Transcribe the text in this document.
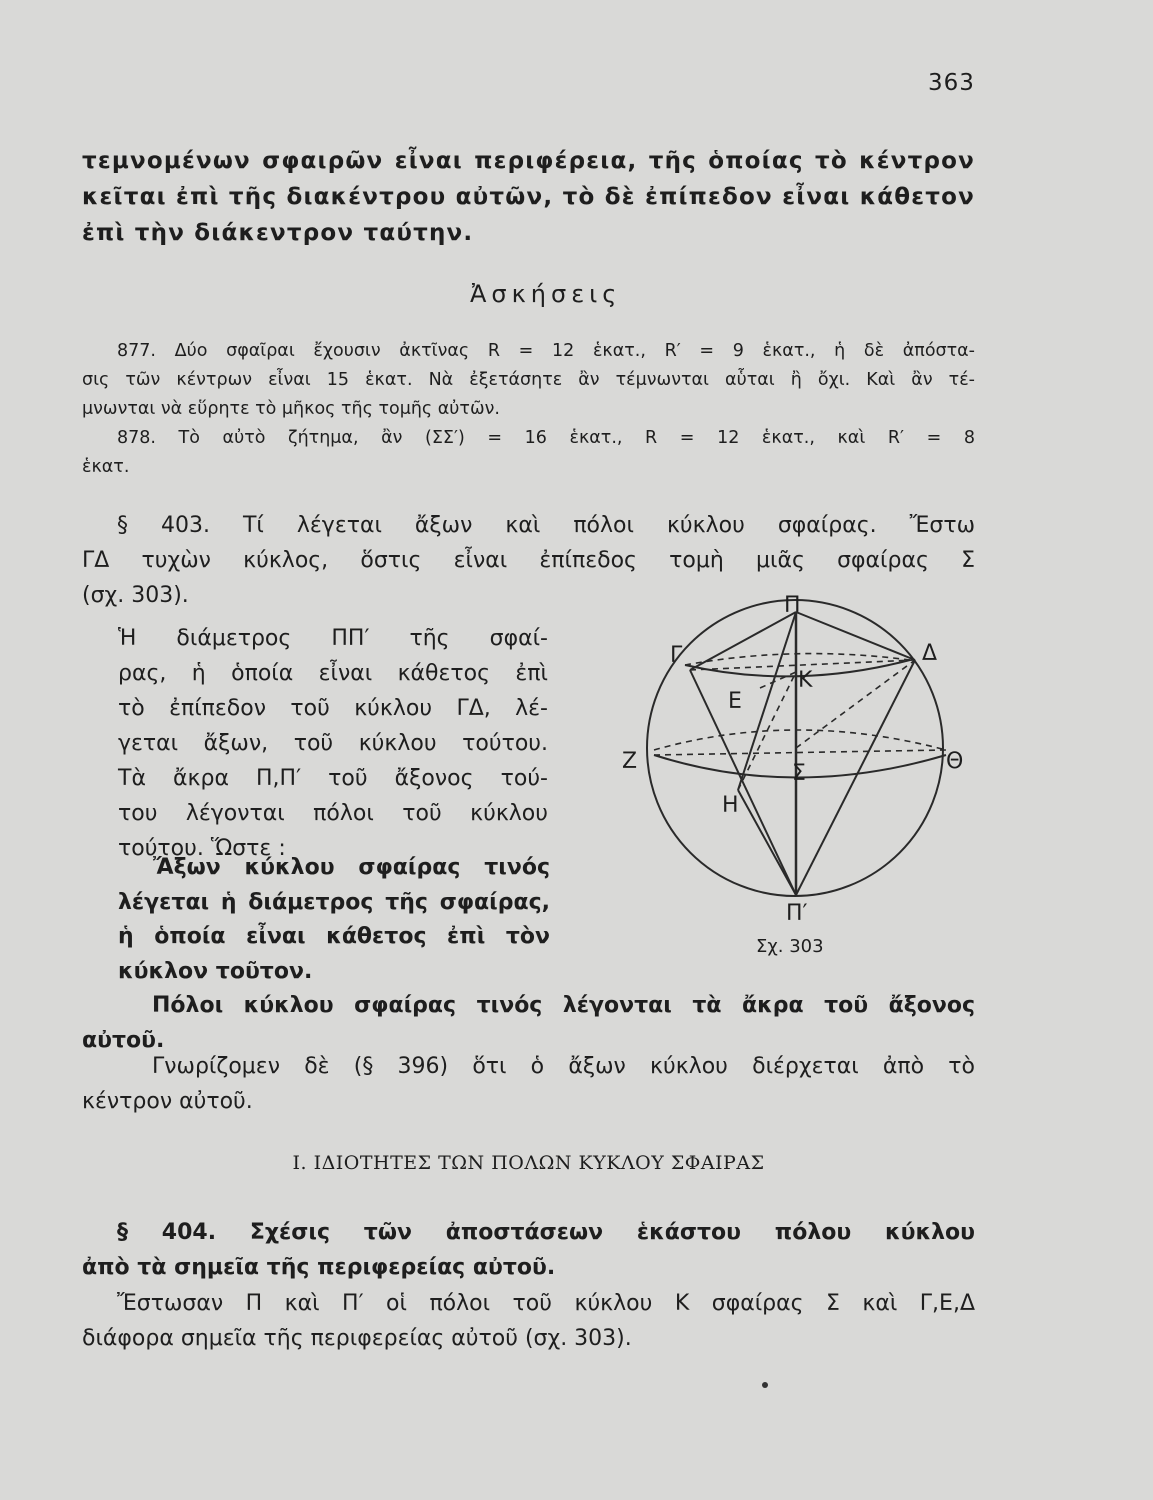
363
τεμνομένων σφαιρῶν εἶναι περιφέρεια, τῆς ὁποίας τὸ κέντρον
κεῖται ἐπὶ τῆς διακέντρου αὐτῶν, τὸ δὲ ἐπίπεδον εἶναι κάθετον
ἐπὶ τὴν διάκεντρον ταύτην.
Ἀσκήσεις
877. Δύο σφαῖραι ἔχουσιν ἀκτῖνας R = 12 ἑκατ., R′ = 9 ἑκατ., ἡ δὲ ἀπόστα-
σις τῶν κέντρων εἶναι 15 ἑκατ. Νὰ ἐξετάσητε ἂν τέμνωνται αὗται ἢ ὄχι. Καὶ ἂν τέ-
μνωνται νὰ εὕρητε τὸ μῆκος τῆς τομῆς αὐτῶν.
878. Τὸ αὐτὸ ζήτημα, ἂν (ΣΣ′) = 16 ἑκατ., R = 12 ἑκατ., καὶ R′ = 8
ἑκατ.
§ 403. Τί λέγεται ἄξων καὶ πόλοι κύκλου σφαίρας. Ἔστω
ΓΔ τυχὼν κύκλος, ὅστις εἶναι ἐπίπεδος τομὴ μιᾶς σφαίρας Σ
(σχ. 303).
Ἡ διάμετρος ΠΠ′ τῆς σφαί-
ρας, ἡ ὁποία εἶναι κάθετος ἐπὶ
τὸ ἐπίπεδον τοῦ κύκλου ΓΔ, λέ-
γεται ἄξων, τοῦ κύκλου τούτου.
Τὰ ἄκρα Π,Π′ τοῦ ἄξονος τού-
του λέγονται πόλοι τοῦ κύκλου
τούτου. Ὥστε :
Ἄξων κύκλου σφαίρας τινός
λέγεται ἡ διάμετρος τῆς σφαίρας,
ἡ ὁποία εἶναι κάθετος ἐπὶ τὸν
κύκλον τοῦτον.
Π
Γ	Δ
Κ
Ε
Ζ	Σ	Θ
Η
Π′
Σχ. 303
Πόλοι κύκλου σφαίρας τινός λέγονται τὰ ἄκρα τοῦ ἄξονος
αὐτοῦ.
Γνωρίζομεν δὲ (§ 396) ὅτι ὁ ἄξων κύκλου διέρχεται ἀπὸ τὸ
κέντρον αὐτοῦ.
Ι. ΙΔΙΟΤΗΤΕΣ ΤΩΝ ΠΟΛΩΝ ΚΥΚΛΟΥ ΣΦΑΙΡΑΣ
§ 404. Σχέσις τῶν ἀποστάσεων ἑκάστου πόλου κύκλου
ἀπὸ τὰ σημεῖα τῆς περιφερείας αὐτοῦ.
Ἔστωσαν Π καὶ Π′ οἱ πόλοι τοῦ κύκλου Κ σφαίρας Σ καὶ Γ,Ε,Δ
διάφορα σημεῖα τῆς περιφερείας αὐτοῦ (σχ. 303).
